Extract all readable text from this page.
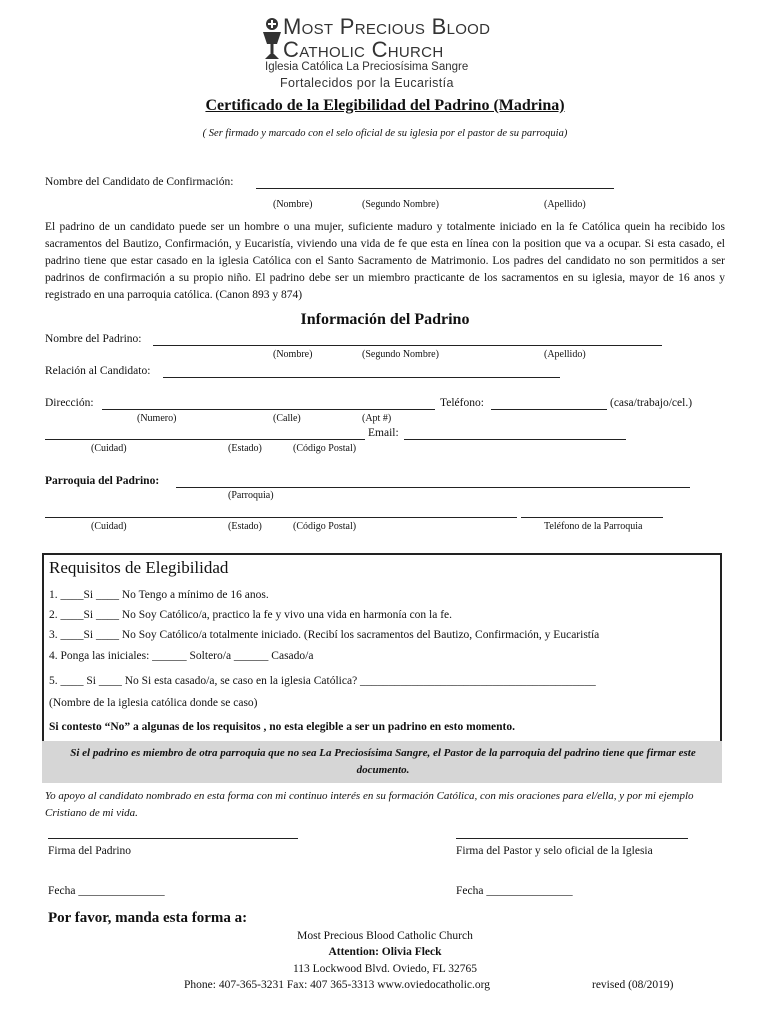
Most Precious Blood
Catholic Church
Iglesia Católica La Preciosísima Sangre
Fortalecidos por la Eucaristía
Certificado de la Elegibilidad del Padrino (Madrina)
( Ser firmado y marcado con el selo oficial de su iglesia por el pastor de su parroquia)
Nombre del Candidato de Confirmación:
(Nombre)	(Segundo Nombre)	(Apellido)
El padrino de un candidato puede ser un hombre o una mujer, suficiente maduro y totalmente iniciado en la fe Católica quein ha recibido los sacramentos del Bautizo, Confirmación, y Eucaristía, viviendo una vida de fe que esta en línea con la position que va a ocupar. Si esta casado, el padrino tiene que estar casado en la iglesia Católica con el Santo Sacramento de Matrimonio. Los padres del candidato no son permitidos a ser padrinos de confirmación a su propio niño. El padrino debe ser un miembro practicante de los sacramentos en su iglesia, mayor de 16 anos y registrado en una parroquia católica. (Canon 893 y 874)
Información del Padrino
Nombre del Padrino:
(Nombre)	(Segundo Nombre)	(Apellido)
Relación al Candidato:
Dirección:	Teléfono:	(casa/trabajo/cel.)
(Numero)	(Calle)	(Apt #)
Email:
(Cuidad)	(Estado)	(Código Postal)
Parroquia del Padrino:
(Parroquia)
(Cuidad)	(Estado)	(Código Postal)	Teléfono de la Parroquia
Requisitos de Elegibilidad
1. ____Si ____ No Tengo a mínimo de 16 anos.
2. ____Si ____ No Soy Católico/a, practico la fe y vivo una vida en harmonía con la fe.
3. ____Si ____ No Soy Católico/a totalmente iniciado. (Recibí los sacramentos del Bautizo, Confirmación, y Eucaristía
4. Ponga las iniciales: ______ Soltero/a ______ Casado/a
5. ____ Si ____ No Si esta casado/a, se caso en la iglesia Católica? _________________________________________
(Nombre de la iglesia católica donde se caso)
Si contesto “No” a algunas de los requisitos , no esta elegible a ser un padrino en esto momento.
Si el padrino es miembro de otra parroquia que no sea La Preciosísima Sangre, el Pastor de la parroquia del padrino tiene que firmar este documento.
Yo apoyo al candidato nombrado en esta forma con mi continuo interés en su formación Católica, con mis oraciones para el/ella, y por mi ejemplo Cristiano de mi vida.
Firma del Padrino	Firma del Pastor y selo oficial de la Iglesia
Fecha _______________	Fecha _______________
Por favor, manda esta forma a:
Most Precious Blood Catholic Church
Attention: Olivia Fleck
113 Lockwood Blvd. Oviedo, FL 32765
Phone: 407-365-3231 Fax: 407 365-3313 www.oviedocatholic.org	revised (08/2019)
